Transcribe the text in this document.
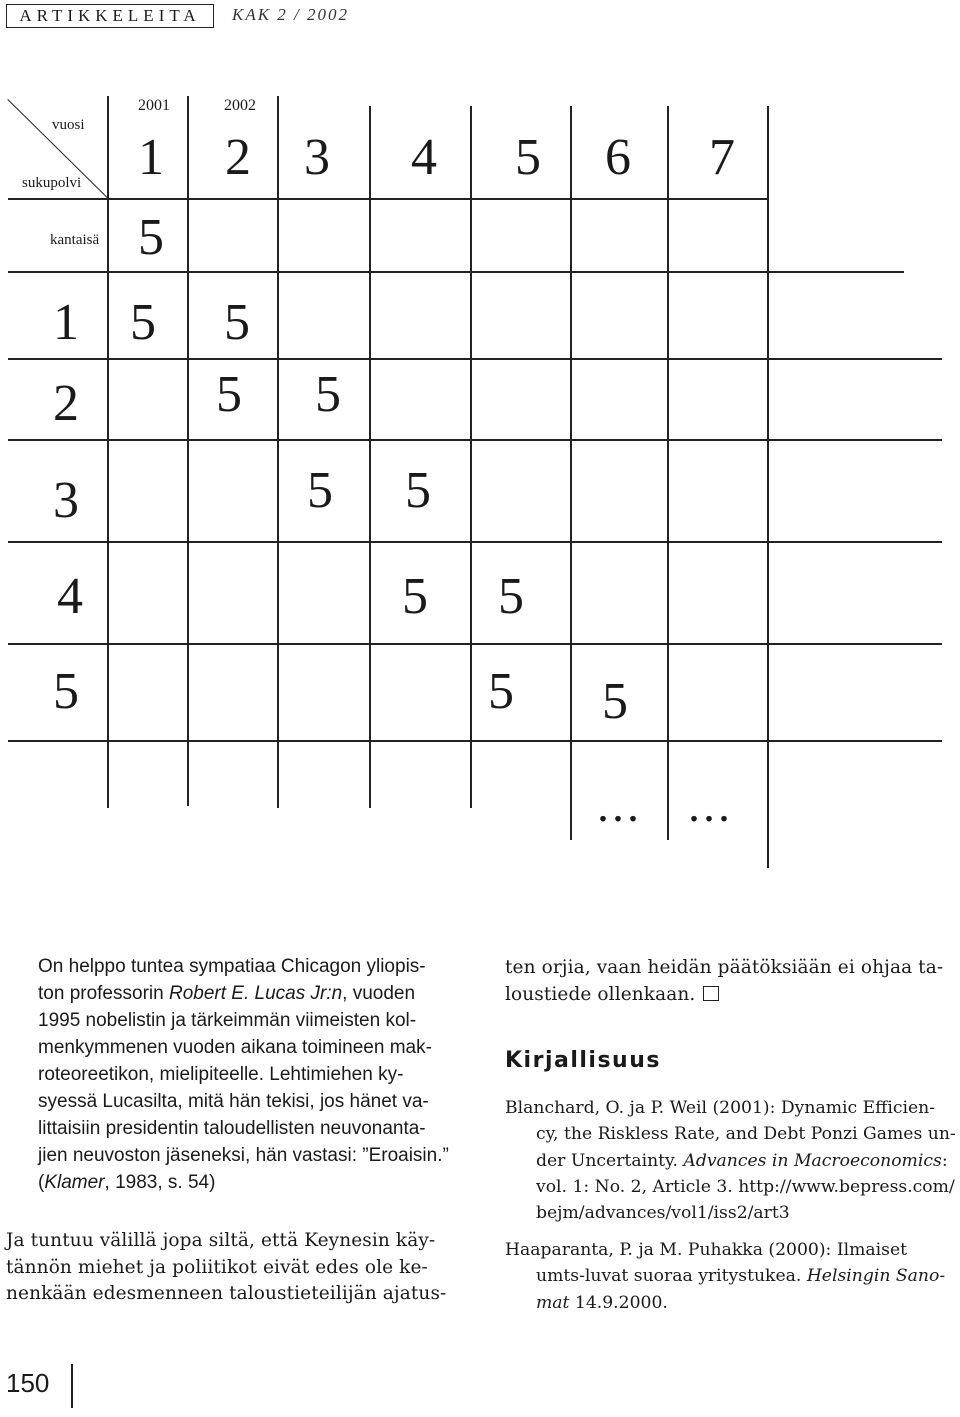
ARTIKKELEITA	KAK 2 / 2002
2001	2002
vuosi
sukupolvi
kantaisä
1 2 3 4 5 6 7
5
1
2
3
4
5
5 5
5 5
5 5
5 5
5 5
... ...
On helppo tuntea sympatiaa Chicagon yliopis-
ton professorin Robert E. Lucas Jr:n, vuoden
1995 nobelistin ja tärkeimmän viimeisten kol-
menkymmenen vuoden aikana toimineen mak-
roteoreetikon, mielipiteelle. Lehtimiehen ky-
syessä Lucasilta, mitä hän tekisi, jos hänet va-
littaisiin presidentin taloudellisten neuvonanta-
jien neuvoston jäseneksi, hän vastasi: ”Eroaisin.”
(Klamer, 1983, s. 54)
Ja tuntuu välillä jopa siltä, että Keynesin käy-
tännön miehet ja poliitikot eivät edes ole ke-
nenkään edesmenneen taloustieteilijän ajatus-
ten orjia, vaan heidän päätöksiään ei ohjaa ta-
loustiede ollenkaan.
Kirjallisuus
Blanchard, O. ja P. Weil (2001): Dynamic Efficien-
cy, the Riskless Rate, and Debt Ponzi Games un-
der Uncertainty. Advances in Macroeconomics:
vol. 1: No. 2, Article 3. http://www.bepress.com/
bejm/advances/vol1/iss2/art3
Haaparanta, P. ja M. Puhakka (2000): Ilmaiset
umts-luvat suoraa yritystukea. Helsingin Sano-
mat 14.9.2000.
150
